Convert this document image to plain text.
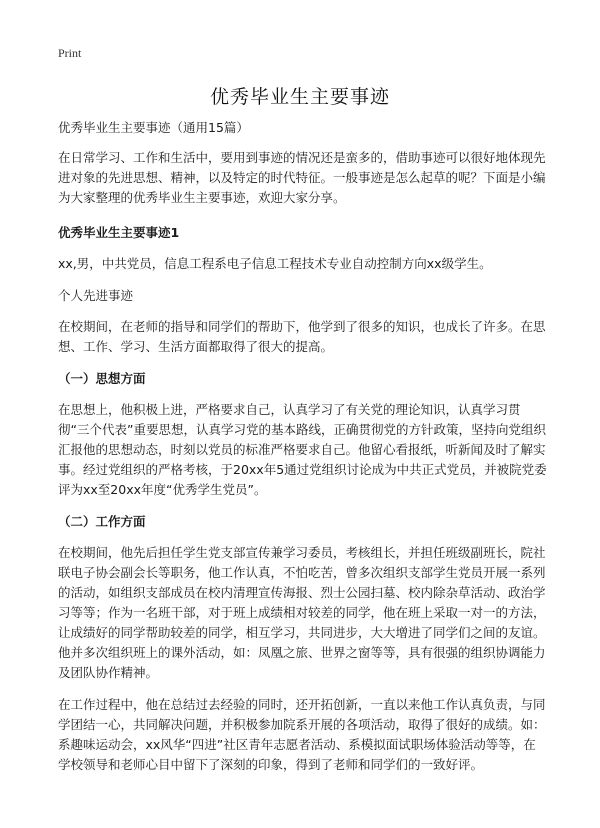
Print
优秀毕业生主要事迹

优秀毕业生主要事迹（通用15篇）

在日常学习、工作和生活中，要用到事迹的情况还是蛮多的，借助事迹可以很好地体现先进对象的先进思想、精神，以及特定的时代特征。一般事迹是怎么起草的呢？下面是小编为大家整理的优秀毕业生主要事迹，欢迎大家分享。

优秀毕业生主要事迹1

xx,男，中共党员，信息工程系电子信息工程技术专业自动控制方向xx级学生。

个人先进事迹

在校期间，在老师的指导和同学们的帮助下，他学到了很多的知识，也成长了许多。在思想、工作、学习、生活方面都取得了很大的提高。

（一）思想方面

在思想上，他积极上进，严格要求自己，认真学习了有关党的理论知识，认真学习贯彻“三个代表”重要思想，认真学习党的基本路线，正确贯彻党的方针政策，坚持向党组织汇报他的思想动态，时刻以党员的标准严格要求自己。他留心看报纸，听新闻及时了解实事。经过党组织的严格考核，于20xx年5通过党组织讨论成为中共正式党员，并被院党委评为xx至20xx年度“优秀学生党员”。

（二）工作方面

在校期间，他先后担任学生党支部宣传兼学习委员，考核组长，并担任班级副班长，院社联电子协会副会长等职务，他工作认真，不怕吃苦，曾多次组织支部学生党员开展一系列的活动，如组织支部成员在校内清理宣传海报、烈士公园扫墓、校内除杂草活动、政治学习等等；作为一名班干部，对于班上成绩相对较差的同学，他在班上采取一对一的方法，让成绩好的同学帮助较差的同学，相互学习，共同进步，大大增进了同学们之间的友谊。他并多次组织班上的课外活动，如：凤凰之旅、世界之窗等等，具有很强的组织协调能力及团队协作精神。

在工作过程中，他在总结过去经验的同时，还开拓创新，一直以来他工作认真负责，与同学团结一心，共同解决问题，并积极参加院系开展的各项活动，取得了很好的成绩。如：系趣味运动会，xx风华“四进”社区青年志愿者活动、系模拟面试职场体验活动等等，在学校领导和老师心目中留下了深刻的印象，得到了老师和同学们的一致好评。
